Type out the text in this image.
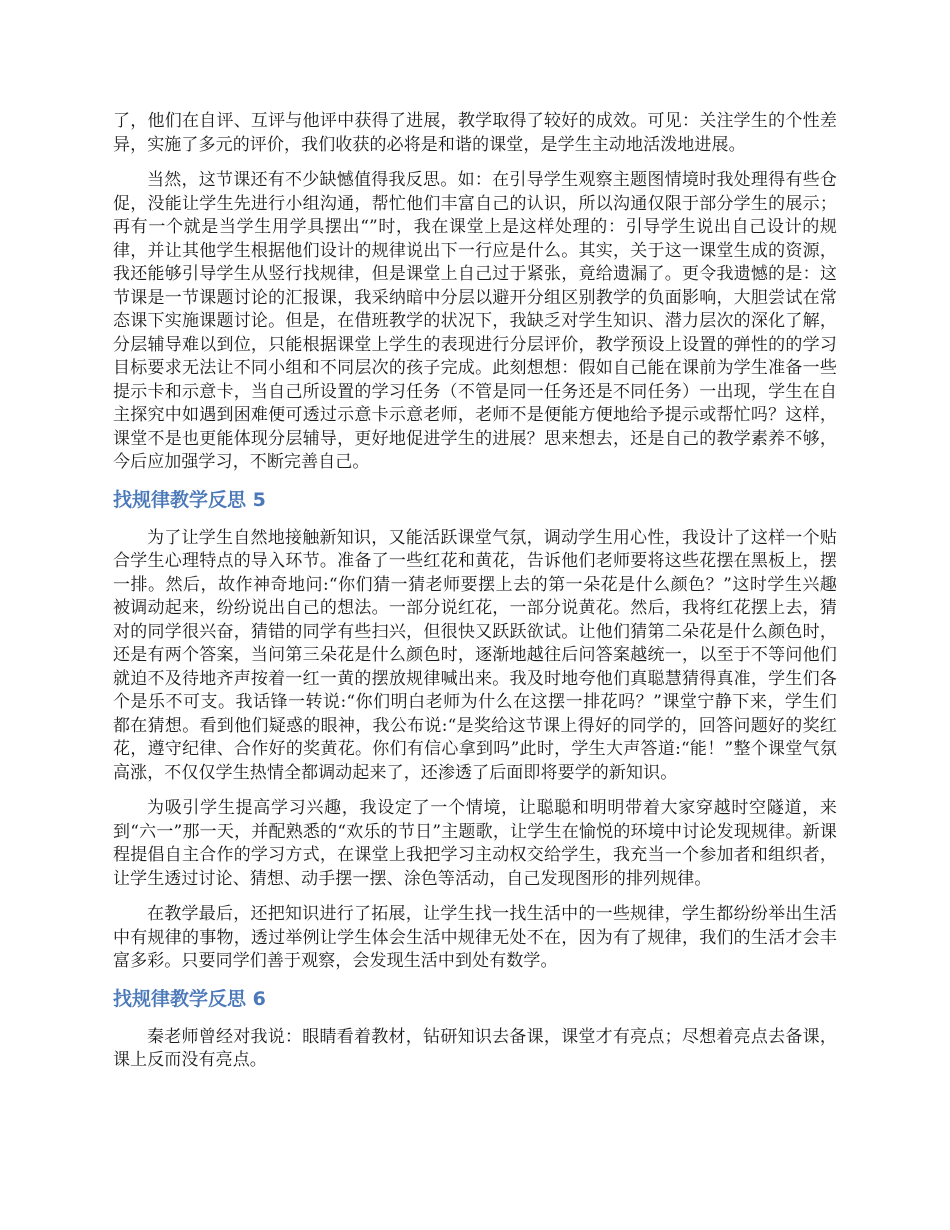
了，他们在自评、互评与他评中获得了进展，教学取得了较好的成效。可见：关注学生的个性差异，实施了多元的评价，我们收获的必将是和谐的课堂，是学生主动地活泼地进展。

当然，这节课还有不少缺憾值得我反思。如：在引导学生观察主题图情境时我处理得有些仓促，没能让学生先进行小组沟通，帮忙他们丰富自己的认识，所以沟通仅限于部分学生的展示；再有一个就是当学生用学具摆出“”时，我在课堂上是这样处理的：引导学生说出自己设计的规律，并让其他学生根据他们设计的规律说出下一行应是什么。其实，关于这一课堂生成的资源，我还能够引导学生从竖行找规律，但是课堂上自己过于紧张，竟给遗漏了。更令我遗憾的是：这节课是一节课题讨论的汇报课，我采纳暗中分层以避开分组区别教学的负面影响，大胆尝试在常态课下实施课题讨论。但是，在借班教学的状况下，我缺乏对学生知识、潜力层次的深化了解，分层辅导难以到位，只能根据课堂上学生的表现进行分层评价，教学预设上设置的弹性的的学习目标要求无法让不同小组和不同层次的孩子完成。此刻想想：假如自己能在课前为学生准备一些提示卡和示意卡，当自己所设置的学习任务（不管是同一任务还是不同任务）一出现，学生在自主探究中如遇到困难便可透过示意卡示意老师，老师不是便能方便地给予提示或帮忙吗？这样，课堂不是也更能体现分层辅导，更好地促进学生的进展？思来想去，还是自己的教学素养不够，今后应加强学习，不断完善自己。

找规律教学反思 5

为了让学生自然地接触新知识，又能活跃课堂气氛，调动学生用心性，我设计了这样一个贴合学生心理特点的导入环节。准备了一些红花和黄花，告诉他们老师要将这些花摆在黑板上，摆一排。然后，故作神奇地问:“你们猜一猜老师要摆上去的第一朵花是什么颜色？”这时学生兴趣被调动起来，纷纷说出自己的想法。一部分说红花，一部分说黄花。然后，我将红花摆上去，猜对的同学很兴奋，猜错的同学有些扫兴，但很快又跃跃欲试。让他们猜第二朵花是什么颜色时，还是有两个答案，当问第三朵花是什么颜色时，逐渐地越往后问答案越统一，以至于不等问他们就迫不及待地齐声按着一红一黄的摆放规律喊出来。我及时地夸他们真聪慧猜得真准，学生们各个是乐不可支。我话锋一转说:“你们明白老师为什么在这摆一排花吗？”课堂宁静下来，学生们都在猜想。看到他们疑惑的眼神，我公布说:“是奖给这节课上得好的同学的，回答问题好的奖红花，遵守纪律、合作好的奖黄花。你们有信心拿到吗”此时，学生大声答道:“能！”整个课堂气氛高涨，不仅仅学生热情全都调动起来了，还渗透了后面即将要学的新知识。

为吸引学生提高学习兴趣，我设定了一个情境，让聪聪和明明带着大家穿越时空隧道，来到“六一”那一天，并配熟悉的“欢乐的节日”主题歌，让学生在愉悦的环境中讨论发现规律。新课程提倡自主合作的学习方式，在课堂上我把学习主动权交给学生，我充当一个参加者和组织者，让学生透过讨论、猜想、动手摆一摆、涂色等活动，自己发现图形的排列规律。

在教学最后，还把知识进行了拓展，让学生找一找生活中的一些规律，学生都纷纷举出生活中有规律的事物，透过举例让学生体会生活中规律无处不在，因为有了规律，我们的生活才会丰富多彩。只要同学们善于观察，会发现生活中到处有数学。

找规律教学反思 6

秦老师曾经对我说：眼睛看着教材，钻研知识去备课，课堂才有亮点；尽想着亮点去备课，课上反而没有亮点。
